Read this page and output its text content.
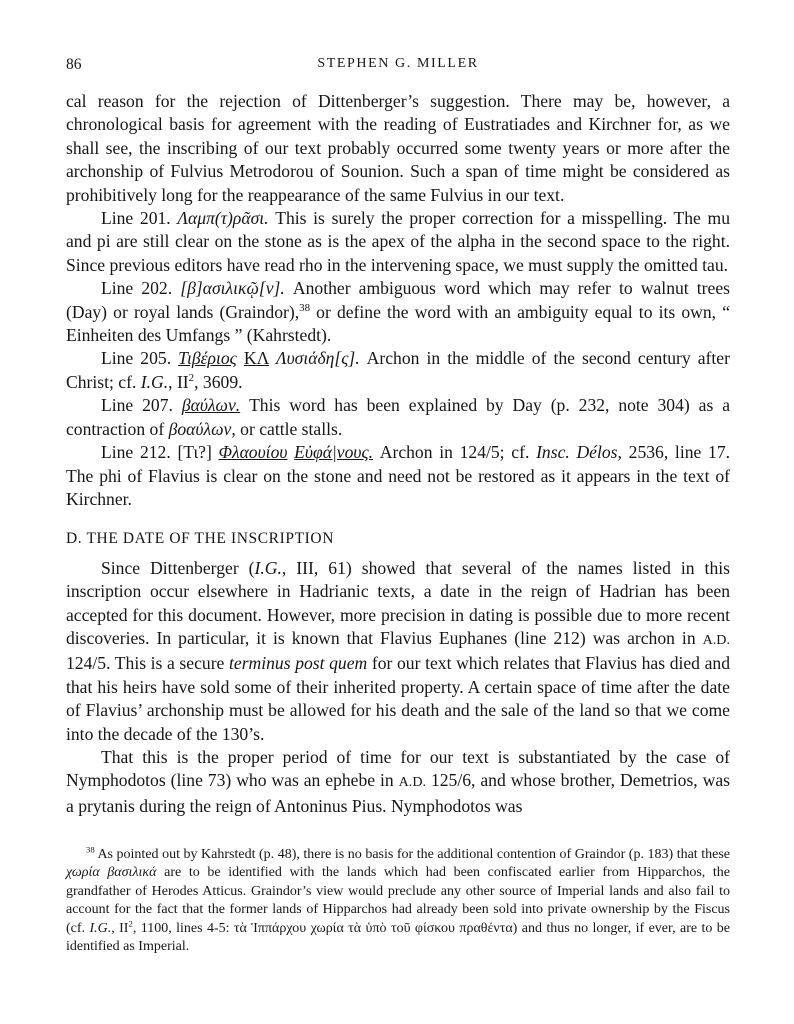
86	STEPHEN G. MILLER

cal reason for the rejection of Dittenberger’s suggestion. There may be, however, a chronological basis for agreement with the reading of Eustratiades and Kirchner for, as we shall see, the inscribing of our text probably occurred some twenty years or more after the archonship of Fulvius Metrodorou of Sounion. Such a span of time might be considered as prohibitively long for the reappearance of the same Fulvius in our text.

Line 201. Λαμπ(τ)ρᾶσι. This is surely the proper correction for a misspelling. The mu and pi are still clear on the stone as is the apex of the alpha in the second space to the right. Since previous editors have read rho in the intervening space, we must supply the omitted tau.

Line 202. [β]ασιλικῷ[ν]. Another ambiguous word which may refer to walnut trees (Day) or royal lands (Graindor),$^{38}$ or define the word with an ambiguity equal to its own, “ Einheiten des Umfangs ” (Kahrstedt).

Line 205. Τιβέριος ΚΛ Λυσιάδη[ς]. Archon in the middle of the second century after Christ; cf. I.G., $II^2$, 3609.

Line 207. βαύλων. This word has been explained by Day (p. 232, note 304) as a contraction of βοαύλων, or cattle stalls.

Line 212. [Τι?] Φλαουίου Εὐφά|νους. Archon in 124/5; cf. Insc. Délos, 2536, line 17. The phi of Flavius is clear on the stone and need not be restored as it appears in the text of Kirchner.

D. THE DATE OF THE INSCRIPTION

Since Dittenberger (I.G., III, 61) showed that several of the names listed in this inscription occur elsewhere in Hadrianic texts, a date in the reign of Hadrian has been accepted for this document. However, more precision in dating is possible due to more recent discoveries. In particular, it is known that Flavius Euphanes (line 212) was archon in A.D. 124/5. This is a secure terminus post quem for our text which relates that Flavius has died and that his heirs have sold some of their inherited property. A certain space of time after the date of Flavius’ archonship must be allowed for his death and the sale of the land so that we come into the decade of the 130’s.

That this is the proper period of time for our text is substantiated by the case of Nymphodotos (line 73) who was an ephebe in A.D. 125/6, and whose brother, Demetrios, was a prytanis during the reign of Antoninus Pius. Nymphodotos was

$^{38}$ As pointed out by Kahrstedt (p. 48), there is no basis for the additional contention of Graindor (p. 183) that these χωρία βασιλικά are to be identified with the lands which had been confiscated earlier from Hipparchos, the grandfather of Herodes Atticus. Graindor’s view would preclude any other source of Imperial lands and also fail to account for the fact that the former lands of Hipparchos had already been sold into private ownership by the Fiscus (cf. I.G., $II^2$, 1100, lines 4-5: τὰ Ἱππάρχου χωρία τὰ ὑπὸ τοῦ φίσκου πραθέντα) and thus no longer, if ever, are to be identified as Imperial.
